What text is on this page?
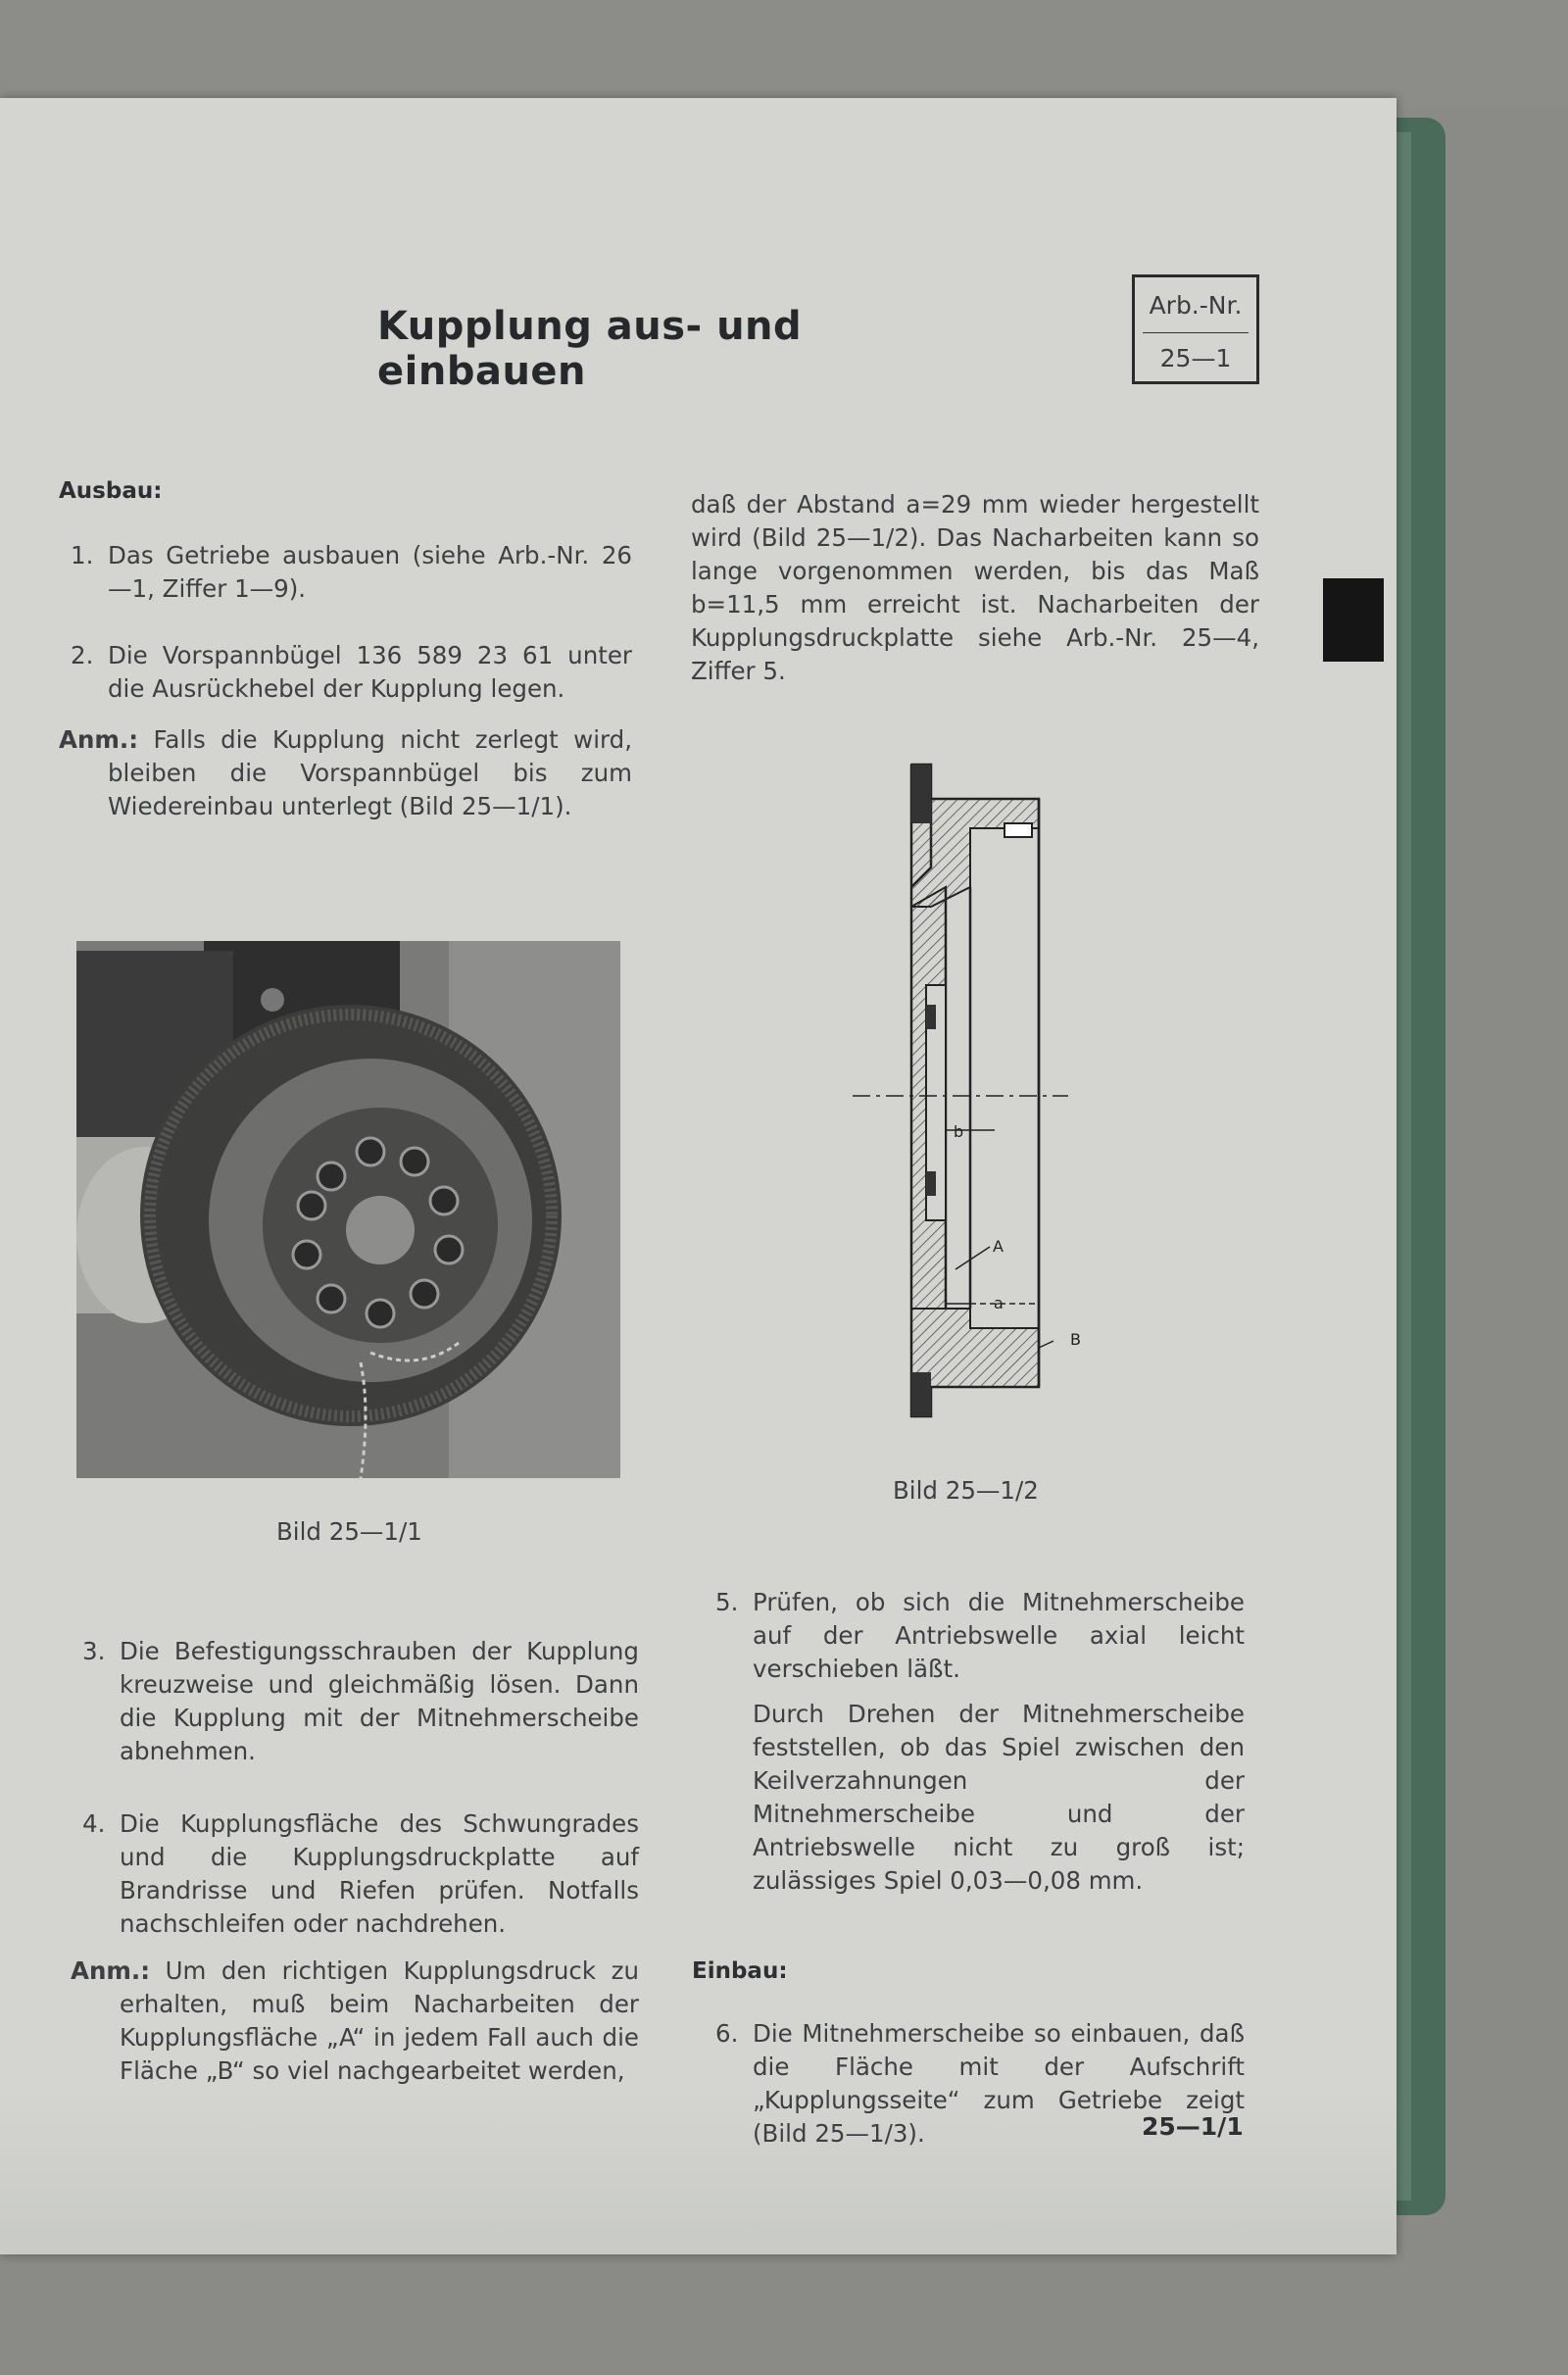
Kupplung aus- und einbauen
Arb.-Nr.
25—1
Ausbau:
1. Das Getriebe ausbauen (siehe Arb.-Nr. 26—1, Ziffer 1—9).
2. Die Vorspannbügel 136 589 23 61 unter die Ausrückhebel der Kupplung legen.
Anm.: Falls die Kupplung nicht zerlegt wird, bleiben die Vorspannbügel bis zum Wiedereinbau unterlegt (Bild 25—1/1).
Bild 25—1/1
3. Die Befestigungsschrauben der Kupplung kreuzweise und gleichmäßig lösen. Dann die Kupplung mit der Mitnehmerscheibe abnehmen.
4. Die Kupplungsfläche des Schwungrades und die Kupplungsdruckplatte auf Brandrisse und Riefen prüfen. Notfalls nachschleifen oder nachdrehen.
Anm.: Um den richtigen Kupplungsdruck zu erhalten, muß beim Nacharbeiten der Kupplungsfläche „A“ in jedem Fall auch die Fläche „B“ so viel nachgearbeitet werden,
daß der Abstand a=29 mm wieder hergestellt wird (Bild 25—1/2). Das Nacharbeiten kann so lange vorgenommen werden, bis das Maß b=11,5 mm erreicht ist. Nacharbeiten der Kupplungsdruckplatte siehe Arb.-Nr. 25—4, Ziffer 5.
b
A
a
B
Bild 25—1/2
5. Prüfen, ob sich die Mitnehmerscheibe auf der Antriebswelle axial leicht verschieben läßt.
Durch Drehen der Mitnehmerscheibe feststellen, ob das Spiel zwischen den Keilverzahnungen der Mitnehmerscheibe und der Antriebswelle nicht zu groß ist; zulässiges Spiel 0,03—0,08 mm.
Einbau:
6. Die Mitnehmerscheibe so einbauen, daß die Fläche mit der Aufschrift „Kupplungsseite“ zum Getriebe zeigt (Bild 25—1/3).	25—1/1
